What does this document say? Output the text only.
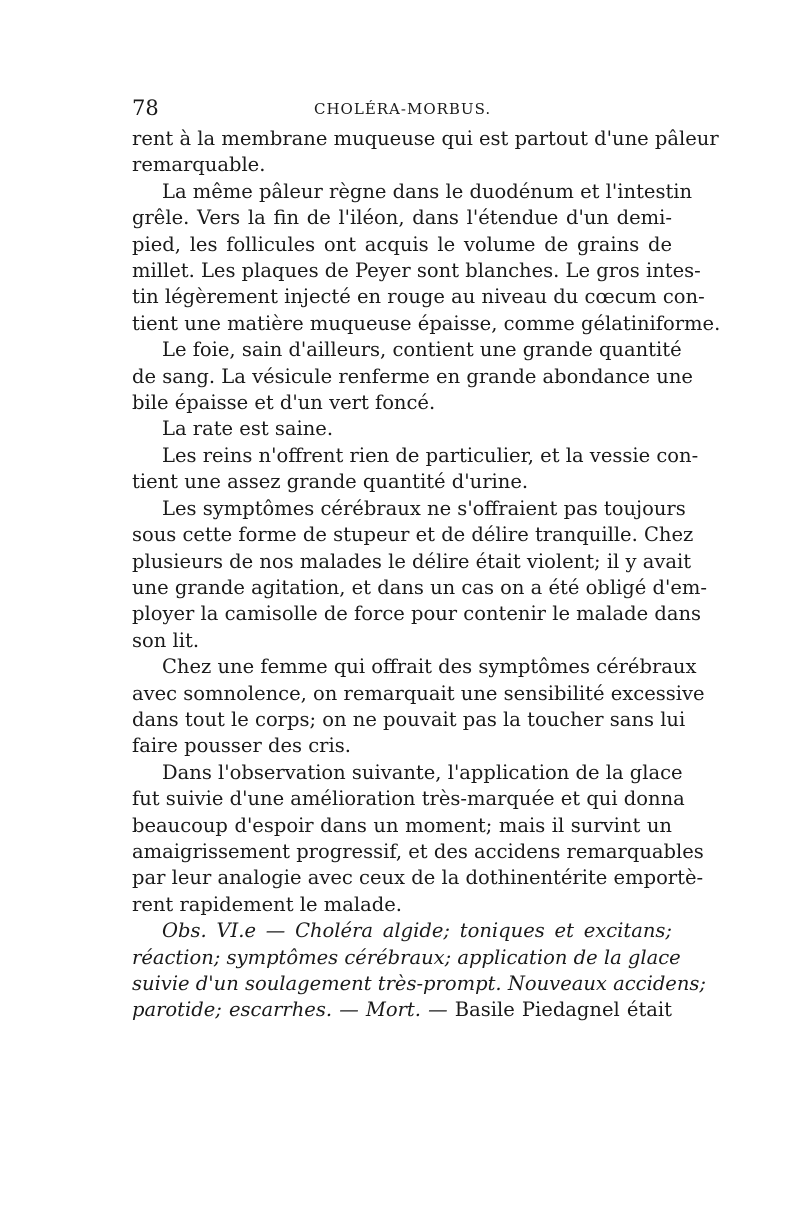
78	CHOLÉRA-MORBUS.
rent à la membrane muqueuse qui est partout d'une pâleur
remarquable.
La même pâleur règne dans le duodénum et l'intestin
grêle. Vers la fin de l'iléon, dans l'étendue d'un demi-
pied, les follicules ont acquis le volume de grains de
millet. Les plaques de Peyer sont blanches. Le gros intes-
tin légèrement injecté en rouge au niveau du cœcum con-
tient une matière muqueuse épaisse, comme gélatiniforme.
Le foie, sain d'ailleurs, contient une grande quantité
de sang. La vésicule renferme en grande abondance une
bile épaisse et d'un vert foncé.
La rate est saine.
Les reins n'offrent rien de particulier, et la vessie con-
tient une assez grande quantité d'urine.
Les symptômes cérébraux ne s'offraient pas toujours
sous cette forme de stupeur et de délire tranquille. Chez
plusieurs de nos malades le délire était violent; il y avait
une grande agitation, et dans un cas on a été obligé d'em-
ployer la camisolle de force pour contenir le malade dans
son lit.
Chez une femme qui offrait des symptômes cérébraux
avec somnolence, on remarquait une sensibilité excessive
dans tout le corps; on ne pouvait pas la toucher sans lui
faire pousser des cris.
Dans l'observation suivante, l'application de la glace
fut suivie d'une amélioration très-marquée et qui donna
beaucoup d'espoir dans un moment; mais il survint un
amaigrissement progressif, et des accidens remarquables
par leur analogie avec ceux de la dothinentérite emportè-
rent rapidement le malade.
Obs. VI.e — Choléra algide; toniques et excitans;
réaction; symptômes cérébraux; application de la glace
suivie d'un soulagement très-prompt. Nouveaux accidens;
parotide; escarrhes. — Mort. — Basile Piedagnel était
